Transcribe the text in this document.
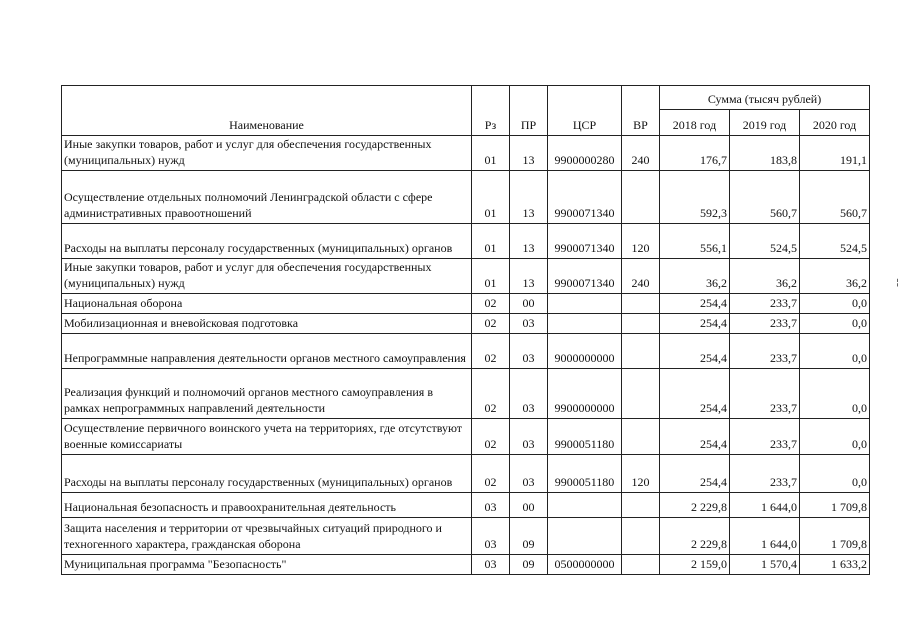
Наименование	Рз	ПР	ЦСР	ВР	Сумма (тысяч рублей)		
					2018 год	2019 год	2020 год
Иные закупки товаров, работ и услуг для обеспечения государственных (муниципальных) нужд	01	13	9900000280	240	176,7	183,8	191,1
Осуществление отдельных полномочий Ленинградской области с сфере административных правоотношений	01	13	9900071340		592,3	560,7	560,7
Расходы на выплаты персоналу государственных (муниципальных) органов	01	13	9900071340	120	556,1	524,5	524,5
Иные закупки товаров, работ и услуг для обеспечения государственных (муниципальных) нужд	01	13	9900071340	240	36,2	36,2	36,2
Национальная оборона	02	00			254,4	233,7	0,0
Мобилизационная и вневойсковая подготовка	02	03			254,4	233,7	0,0
Непрограммные направления деятельности органов местного самоуправления	02	03	9000000000		254,4	233,7	0,0
Реализация функций и полномочий органов местного самоуправления в рамках непрограммных направлений деятельности	02	03	9900000000		254,4	233,7	0,0
Осуществление первичного воинского учета на территориях, где отсутствуют военные комиссариаты	02	03	9900051180		254,4	233,7	0,0
Расходы на выплаты персоналу государственных (муниципальных) органов	02	03	9900051180	120	254,4	233,7	0,0
Национальная безопасность и правоохранительная деятельность	03	00			2 229,8	1 644,0	1 709,8
Защита населения и территории от чрезвычайных ситуаций природного и техногенного характера, гражданская оборона	03	09			2 229,8	1 644,0	1 709,8
Муниципальная программа "Безопасность"	03	09	0500000000		2 159,0	1 570,4	1 633,2
¦
